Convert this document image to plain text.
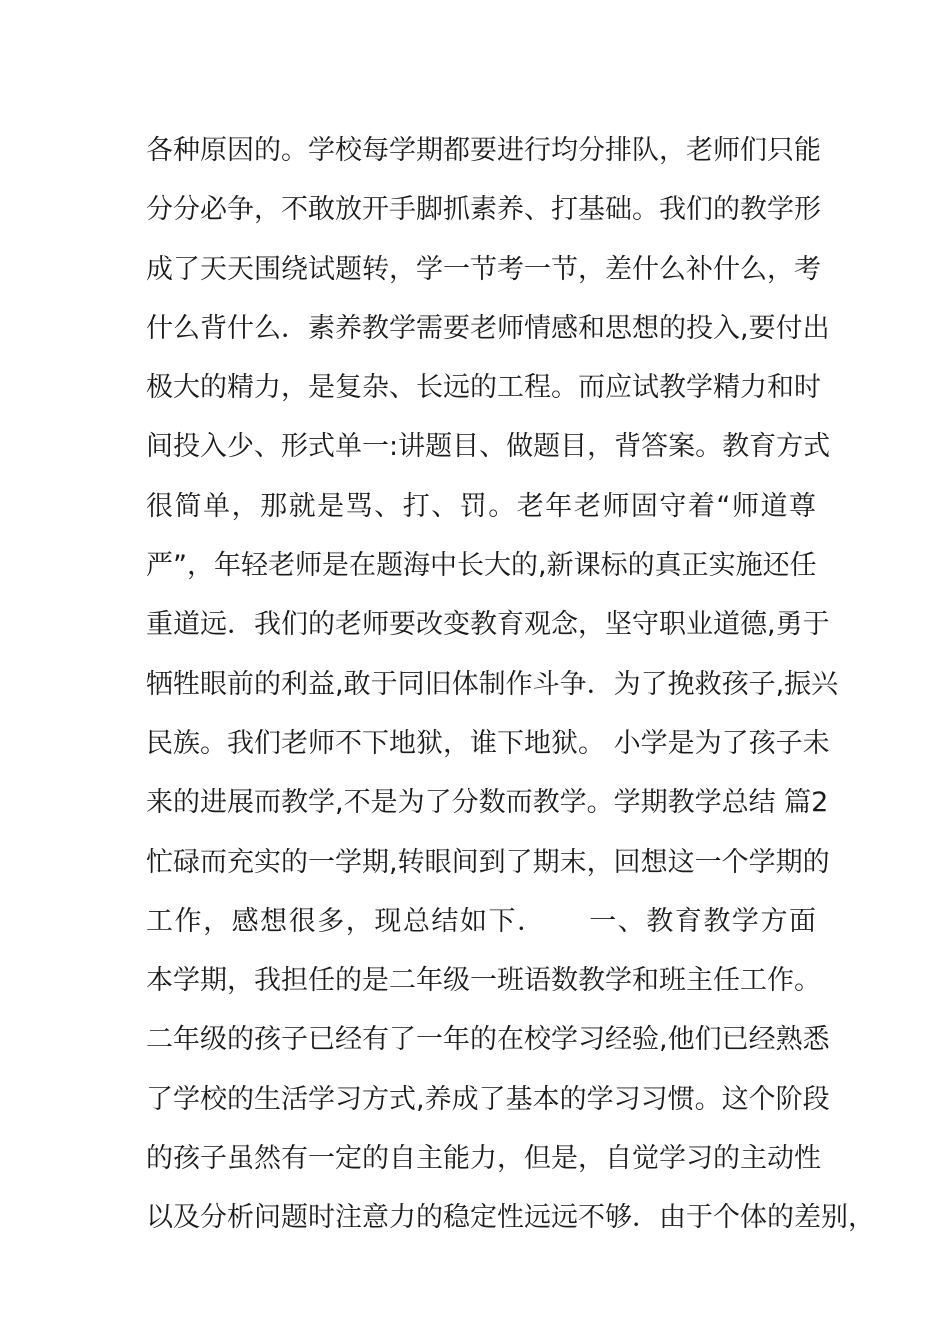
各种原因的。学校每学期都要进行均分排队，老师们只能
分分必争，不敢放开手脚抓素养、打基础。我们的教学形
成了天天围绕试题转，学一节考一节，差什么补什么，考
什么背什么．素养教学需要老师情感和思想的投入,要付出
极大的精力，是复杂、长远的工程。而应试教学精力和时
间投入少、形式单一:讲题目、做题目，背答案。教育方式
很简单，那就是骂、打、罚。老年老师固守着“师道尊
严”，年轻老师是在题海中长大的,新课标的真正实施还任
重道远．我们的老师要改变教育观念，坚守职业道德,勇于
牺牲眼前的利益,敢于同旧体制作斗争．为了挽救孩子,振兴
民族。我们老师不下地狱，谁下地狱。 小学是为了孩子未
来的进展而教学,不是为了分数而教学。学期教学总结 篇2
忙碌而充实的一学期,转眼间到了期末，回想这一个学期的
工作，感想很多，现总结如下．　　一、教育教学方面
本学期，我担任的是二年级一班语数教学和班主任工作。
二年级的孩子已经有了一年的在校学习经验,他们已经熟悉
了学校的生活学习方式,养成了基本的学习习惯。这个阶段
的孩子虽然有一定的自主能力，但是，自觉学习的主动性
以及分析问题时注意力的稳定性远远不够．由于个体的差别，
